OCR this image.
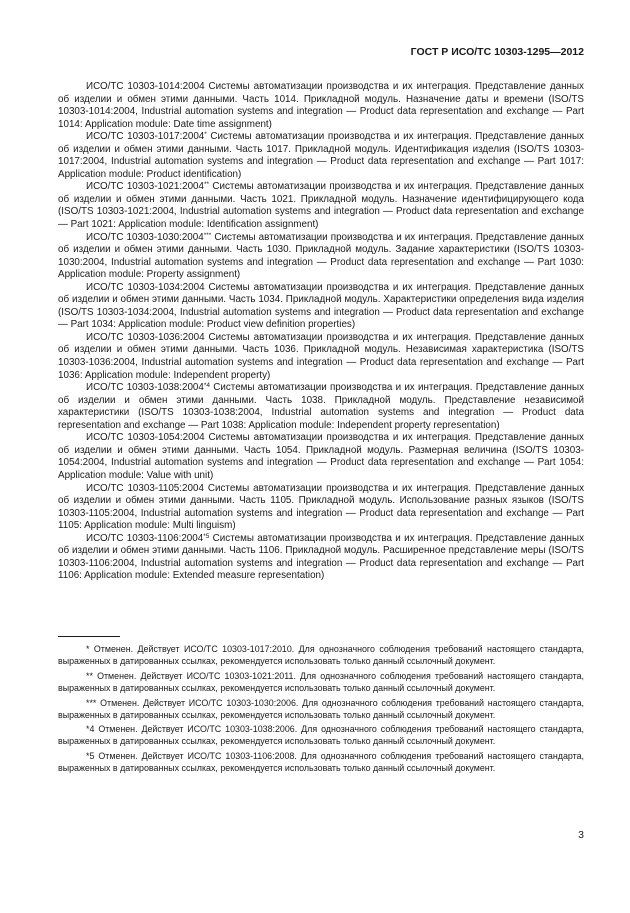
ГОСТ Р ИСО/ТС 10303-1295—2012

ИСО/ТС 10303-1014:2004 Системы автоматизации производства и их интеграция. Представление данных об изделии и обмен этими данными. Часть 1014. Прикладной модуль. Назначение даты и времени (ISO/TS 10303-1014:2004, Industrial automation systems and integration — Product data representation and exchange — Part 1014: Application module: Date time assignment)

ИСО/ТС 10303-1017:2004* Системы автоматизации производства и их интеграция. Представление данных об изделии и обмен этими данными. Часть 1017. Прикладной модуль. Идентификация изделия (ISO/TS 10303-1017:2004, Industrial automation systems and integration — Product data representation and exchange — Part 1017: Application module: Product identification)

ИСО/ТС 10303-1021:2004** Системы автоматизации производства и их интеграция. Представление данных об изделии и обмен этими данными. Часть 1021. Прикладной модуль. Назначение идентифицирующего кода (ISO/TS 10303-1021:2004, Industrial automation systems and integration — Product data representation and exchange — Part 1021: Application module: Identification assignment)

ИСО/ТС 10303-1030:2004*** Системы автоматизации производства и их интеграция. Представление данных об изделии и обмен этими данными. Часть 1030. Прикладной модуль. Задание характеристики (ISO/TS 10303-1030:2004, Industrial automation systems and integration — Product data representation and exchange — Part 1030: Application module: Property assignment)

ИСО/ТС 10303-1034:2004 Системы автоматизации производства и их интеграция. Представление данных об изделии и обмен этими данными. Часть 1034. Прикладной модуль. Характеристики определения вида изделия (ISO/TS 10303-1034:2004, Industrial automation systems and integration — Product data representation and exchange — Part 1034: Application module: Product view definition properties)

ИСО/ТС 10303-1036:2004 Системы автоматизации производства и их интеграция. Представление данных об изделии и обмен этими данными. Часть 1036. Прикладной модуль. Независимая характеристика (ISO/TS 10303-1036:2004, Industrial automation systems and integration — Product data representation and exchange — Part 1036: Application module: Independent property)

ИСО/ТС 10303-1038:2004$^{*4}$ Системы автоматизации производства и их интеграция. Представление данных об изделии и обмен этими данными. Часть 1038. Прикладной модуль. Представление независимой характеристики (ISO/TS 10303-1038:2004, Industrial automation systems and integration — Product data representation and exchange — Part 1038: Application module: Independent property representation)

ИСО/ТС 10303-1054:2004 Системы автоматизации производства и их интеграция. Представление данных об изделии и обмен этими данными. Часть 1054. Прикладной модуль. Размерная величина (ISO/TS 10303-1054:2004, Industrial automation systems and integration — Product data representation and exchange — Part 1054: Application module: Value with unit)

ИСО/ТС 10303-1105:2004 Системы автоматизации производства и их интеграция. Представление данных об изделии и обмен этими данными. Часть 1105. Прикладной модуль. Использование разных языков (ISO/TS 10303-1105:2004, Industrial automation systems and integration — Product data representation and exchange — Part 1105: Application module: Multi linguism)

ИСО/ТС 10303-1106:2004$^{*5}$ Системы автоматизации производства и их интеграция. Представление данных об изделии и обмен этими данными. Часть 1106. Прикладной модуль. Расширенное представление меры (ISO/TS 10303-1106:2004, Industrial automation systems and integration — Product data representation and exchange — Part 1106: Application module: Extended measure representation)

* Отменен. Действует ИСО/ТС 10303-1017:2010. Для однозначного соблюдения требований настоящего стандарта, выраженных в датированных ссылках, рекомендуется использовать только данный ссылочный документ.

** Отменен. Действует ИСО/ТС 10303-1021:2011. Для однозначного соблюдения требований настоящего стандарта, выраженных в датированных ссылках, рекомендуется использовать только данный ссылочный документ.

*** Отменен. Действует ИСО/ТС 10303-1030:2006. Для однозначного соблюдения требований настоящего стандарта, выраженных в датированных ссылках, рекомендуется использовать только данный ссылочный документ.

*4 Отменен. Действует ИСО/ТС 10303-1038:2006. Для однозначного соблюдения требований настоящего стандарта, выраженных в датированных ссылках, рекомендуется использовать только данный ссылочный документ.

*5 Отменен. Действует ИСО/ТС 10303-1106:2008. Для однозначного соблюдения требований настоящего стандарта, выраженных в датированных ссылках, рекомендуется использовать только данный ссылочный документ.

3
